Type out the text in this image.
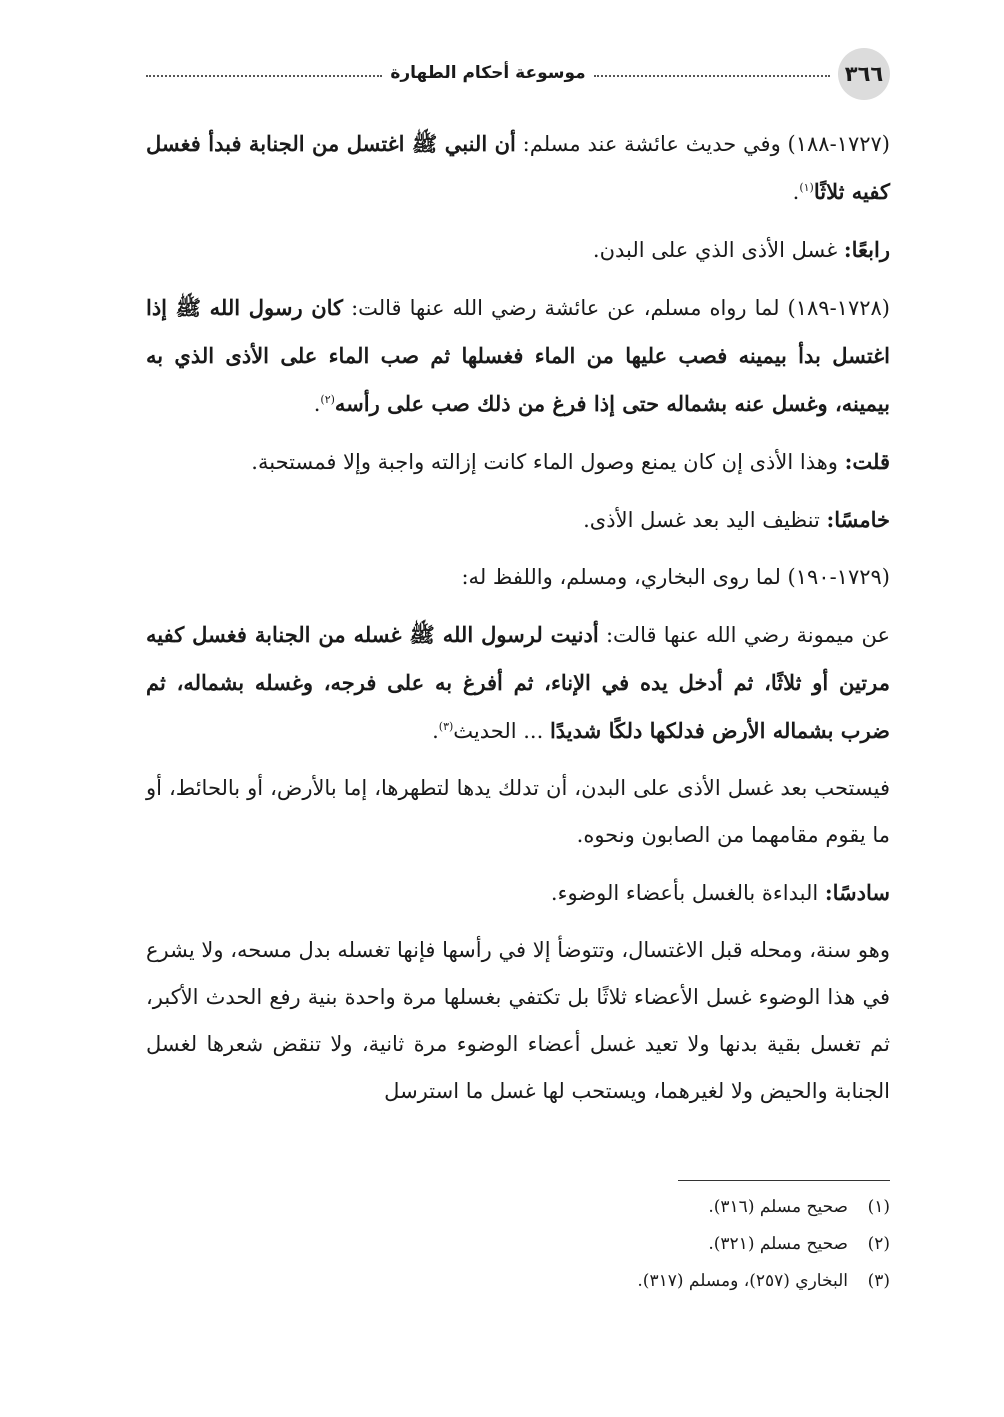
٣٦٦
موسوعة أحكام الطهارة

(١٧٢٧-١٨٨) وفي حديث عائشة عند مسلم: أن النبي ﷺ اغتسل من الجنابة فبدأ فغسل كفيه ثلاثًا$^{(١)}$.

رابعًا: غسل الأذى الذي على البدن.

(١٧٢٨-١٨٩) لما رواه مسلم، عن عائشة رضي الله عنها قالت: كان رسول الله ﷺ إذا اغتسل بدأ بيمينه فصب عليها من الماء فغسلها ثم صب الماء على الأذى الذي به بيمينه، وغسل عنه بشماله حتى إذا فرغ من ذلك صب على رأسه$^{(٢)}$.

قلت: وهذا الأذى إن كان يمنع وصول الماء كانت إزالته واجبة وإلا فمستحبة.

خامسًا: تنظيف اليد بعد غسل الأذى.

(١٧٢٩-١٩٠) لما روى البخاري، ومسلم، واللفظ له:

عن ميمونة رضي الله عنها قالت: أدنيت لرسول الله ﷺ غسله من الجنابة فغسل كفيه مرتين أو ثلاثًا، ثم أدخل يده في الإناء، ثم أفرغ به على فرجه، وغسله بشماله، ثم ضرب بشماله الأرض فدلكها دلكًا شديدًا ... الحديث$^{(٣)}$.

فيستحب بعد غسل الأذى على البدن، أن تدلك يدها لتطهرها، إما بالأرض، أو بالحائط، أو ما يقوم مقامهما من الصابون ونحوه.

سادسًا: البداءة بالغسل بأعضاء الوضوء.

وهو سنة، ومحله قبل الاغتسال، وتتوضأ إلا في رأسها فإنها تغسله بدل مسحه، ولا يشرع في هذا الوضوء غسل الأعضاء ثلاثًا بل تكتفي بغسلها مرة واحدة بنية رفع الحدث الأكبر، ثم تغسل بقية بدنها ولا تعيد غسل أعضاء الوضوء مرة ثانية، ولا تنقض شعرها لغسل الجنابة والحيض ولا لغيرهما، ويستحب لها غسل ما استرسل

(١)
صحيح مسلم (٣١٦).

(٢)
صحيح مسلم (٣٢١).

(٣)
البخاري (٢٥٧)، ومسلم (٣١٧).
